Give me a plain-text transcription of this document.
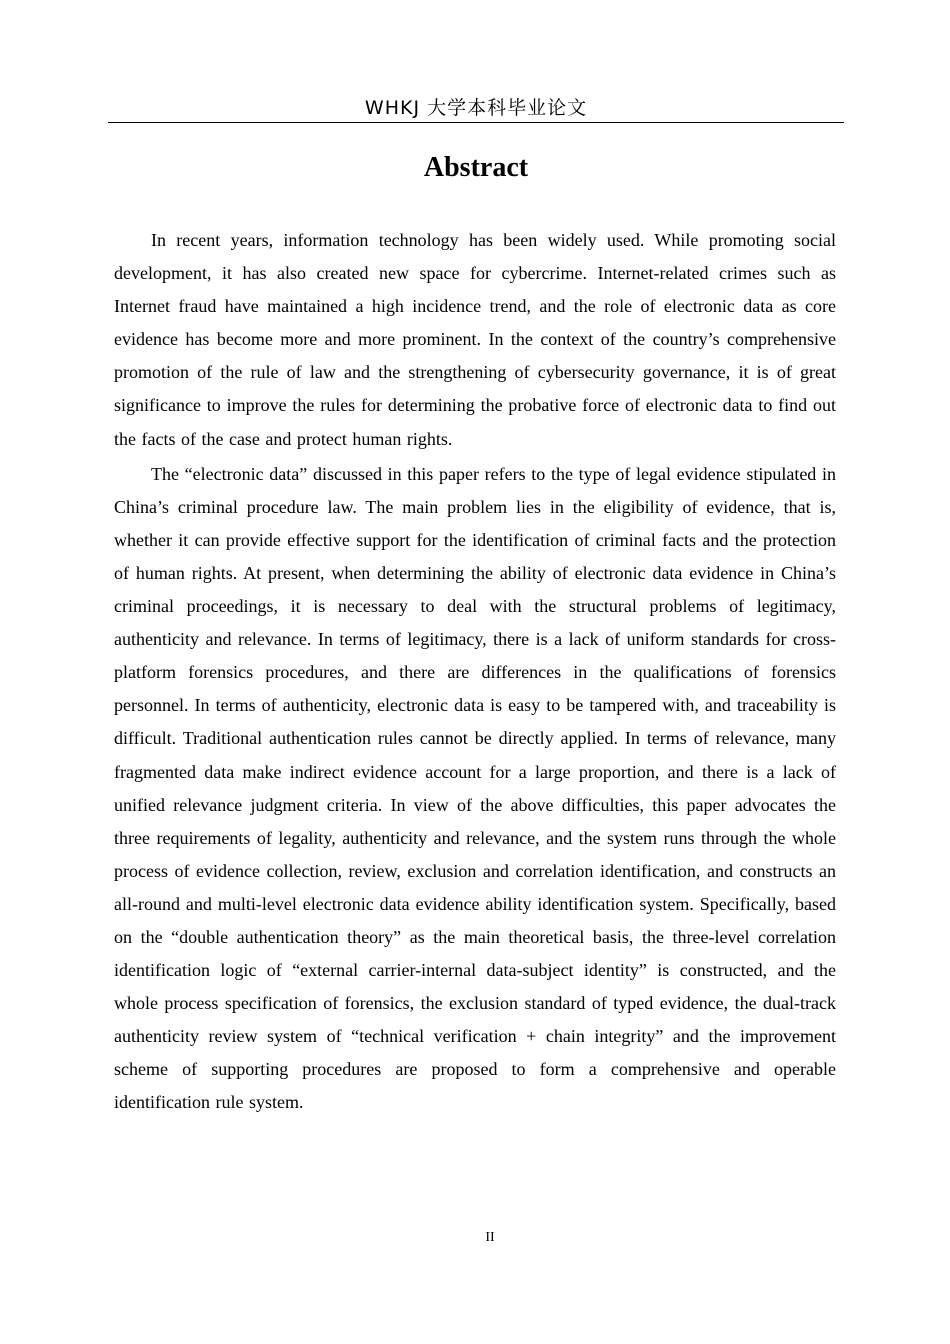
WHKJ 大学本科毕业论文
Abstract

In recent years, information technology has been widely used. While promoting social development, it has also created new space for cybercrime. Internet-related crimes such as Internet fraud have maintained a high incidence trend, and the role of electronic data as core evidence has become more and more prominent. In the context of the country’s comprehensive promotion of the rule of law and the strengthening of cybersecurity governance, it is of great significance to improve the rules for determining the probative force of electronic data to find out the facts of the case and protect human rights.

The “electronic data” discussed in this paper refers to the type of legal evidence stipulated in China’s criminal procedure law. The main problem lies in the eligibility of evidence, that is, whether it can provide effective support for the identification of criminal facts and the protection of human rights. At present, when determining the ability of electronic data evidence in China’s criminal proceedings, it is necessary to deal with the structural problems of legitimacy, authenticity and relevance. In terms of legitimacy, there is a lack of uniform standards for cross-platform forensics procedures, and there are differences in the qualifications of forensics personnel. In terms of authenticity, electronic data is easy to be tampered with, and traceability is difficult. Traditional authentication rules cannot be directly applied. In terms of relevance, many fragmented data make indirect evidence account for a large proportion, and there is a lack of unified relevance judgment criteria. In view of the above difficulties, this paper advocates the three requirements of legality, authenticity and relevance, and the system runs through the whole process of evidence collection, review, exclusion and correlation identification, and constructs an all-round and multi-level electronic data evidence ability identification system. Specifically, based on the “double authentication theory” as the main theoretical basis, the three-level correlation identification logic of “external carrier-internal data-subject identity” is constructed, and the whole process specification of forensics, the exclusion standard of typed evidence, the dual-track authenticity review system of “technical verification + chain integrity” and the improvement scheme of supporting procedures are proposed to form a comprehensive and operable identification rule system.

II
